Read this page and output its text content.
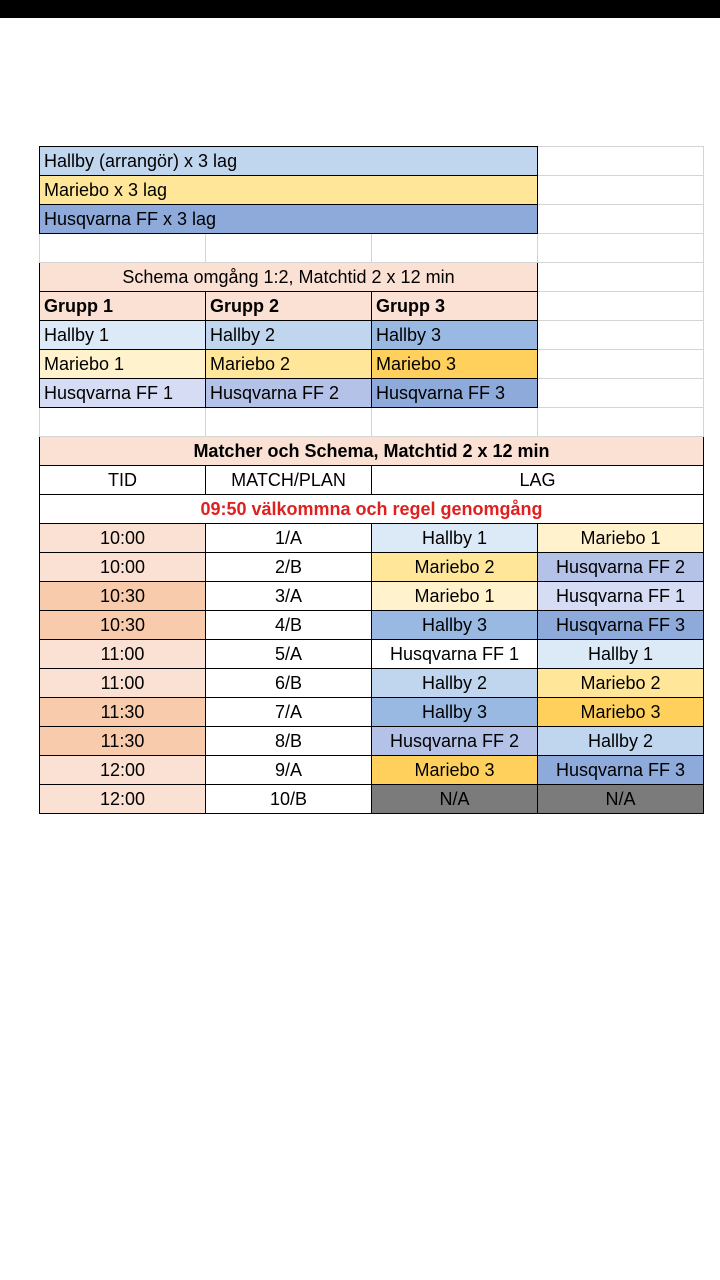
Hallby (arrangör) x 3 lag			
Mariebo x 3 lag			
Husqvarna FF x 3 lag			

Schema omgång 1:2, Matchtid 2 x 12 min			
Grupp 1	Grupp 2	Grupp 3	
Hallby 1	Hallby 2	Hallby 3	
Mariebo 1	Mariebo 2	Mariebo 3	
Husqvarna FF 1	Husqvarna FF 2	Husqvarna FF 3	

Matcher och Schema, Matchtid 2 x 12 min			
TID	MATCH/PLAN	LAG	
09:50 välkommna och regel genomgång			
10:00	1/A	Hallby 1	Mariebo 1
10:00	2/B	Mariebo 2	Husqvarna FF 2
10:30	3/A	Mariebo 1	Husqvarna FF 1
10:30	4/B	Hallby 3	Husqvarna FF 3
11:00	5/A	Husqvarna FF 1	Hallby 1
11:00	6/B	Hallby 2	Mariebo 2
11:30	7/A	Hallby 3	Mariebo 3
11:30	8/B	Husqvarna FF 2	Hallby 2
12:00	9/A	Mariebo 3	Husqvarna FF 3
12:00	10/B	N/A	N/A
